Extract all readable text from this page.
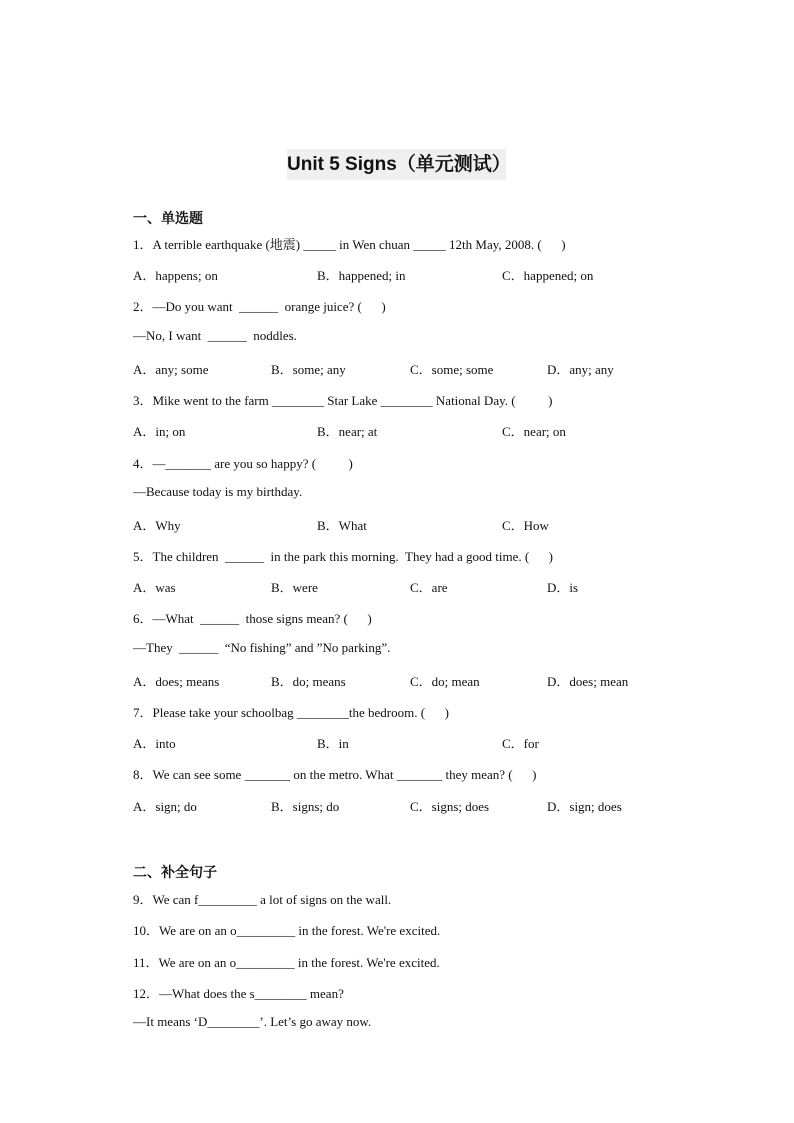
Unit 5 Signs（单元测试）
一、单选题
1．A terrible earthquake (地震) _____ in Wen chuan _____ 12th May, 2008. (      )
A．happens; on	B．happened; in	C．happened; on
2．—Do you want  ______  orange juice? (      )
—No, I want  ______  noddles.
A．any; some	B．some; any	C．some; some	D．any; any
3．Mike went to the farm ________ Star Lake ________ National Day. (          )
A．in; on	B．near; at	C．near; on
4．—_______ are you so happy? (          )
—Because today is my birthday.
A．Why	B．What	C．How
5．The children  ______  in the park this morning.  They had a good time. (      )
A．was	B．were	C．are	D．is
6．—What  ______  those signs mean? (      )
—They  ______  “No fishing” and ”No parking”.
A．does; means	B．do; means	C．do; mean	D．does; mean
7．Please take your schoolbag ________the bedroom. (      )
A．into	B．in	C．for
8．We can see some _______ on the metro. What _______ they mean? (      )
A．sign; do	B．signs; do	C．signs; does	D．sign; does
二、补全句子
9．We can f_________ a lot of signs on the wall.
10．We are on an o_________ in the forest. We're excited.
11．We are on an o_________ in the forest. We're excited.
12．—What does the s________ mean?
—It means ‘D________’. Let’s go away now.
